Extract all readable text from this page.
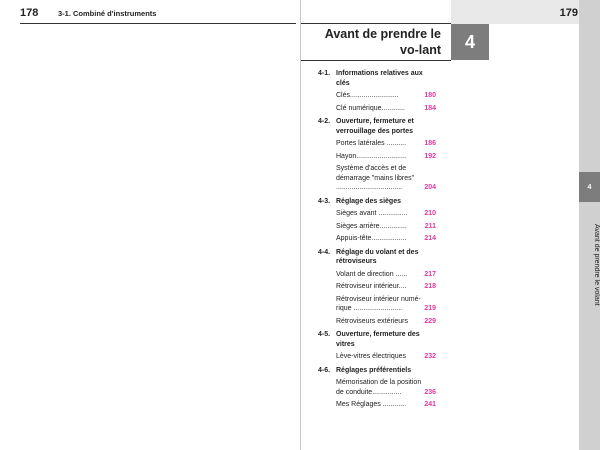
178	3-1. Combiné d'instruments
Avant de prendre le vo-lant	4
179
4-1. Informations relatives aux clés
Clés.........................	180
Clé numérique............	184
4-2. Ouverture, fermeture et verrouillage des portes
Portes latérales ..........	186
Hayon..........................	192
Système d'accès et de démarrage "mains libres" ..................................	204
4-3. Réglage des sièges
Sièges avant ...............	210
Sièges arrière..............	211
Appuis-tête..................	214
4-4. Réglage du volant et des rétroviseurs
Volant de direction ......	217
Rétroviseur intérieur....	218
Rétroviseur intérieur numé-rique .........................	219
Rétroviseurs extérieurs	229
4-5. Ouverture, fermeture des vitres
Lève-vitres électriques	232
4-6. Réglages préférentiels
Mémorisation de la position de conduite...............	236
Mes Réglages ............	241
4
Avant de prendre le volant
